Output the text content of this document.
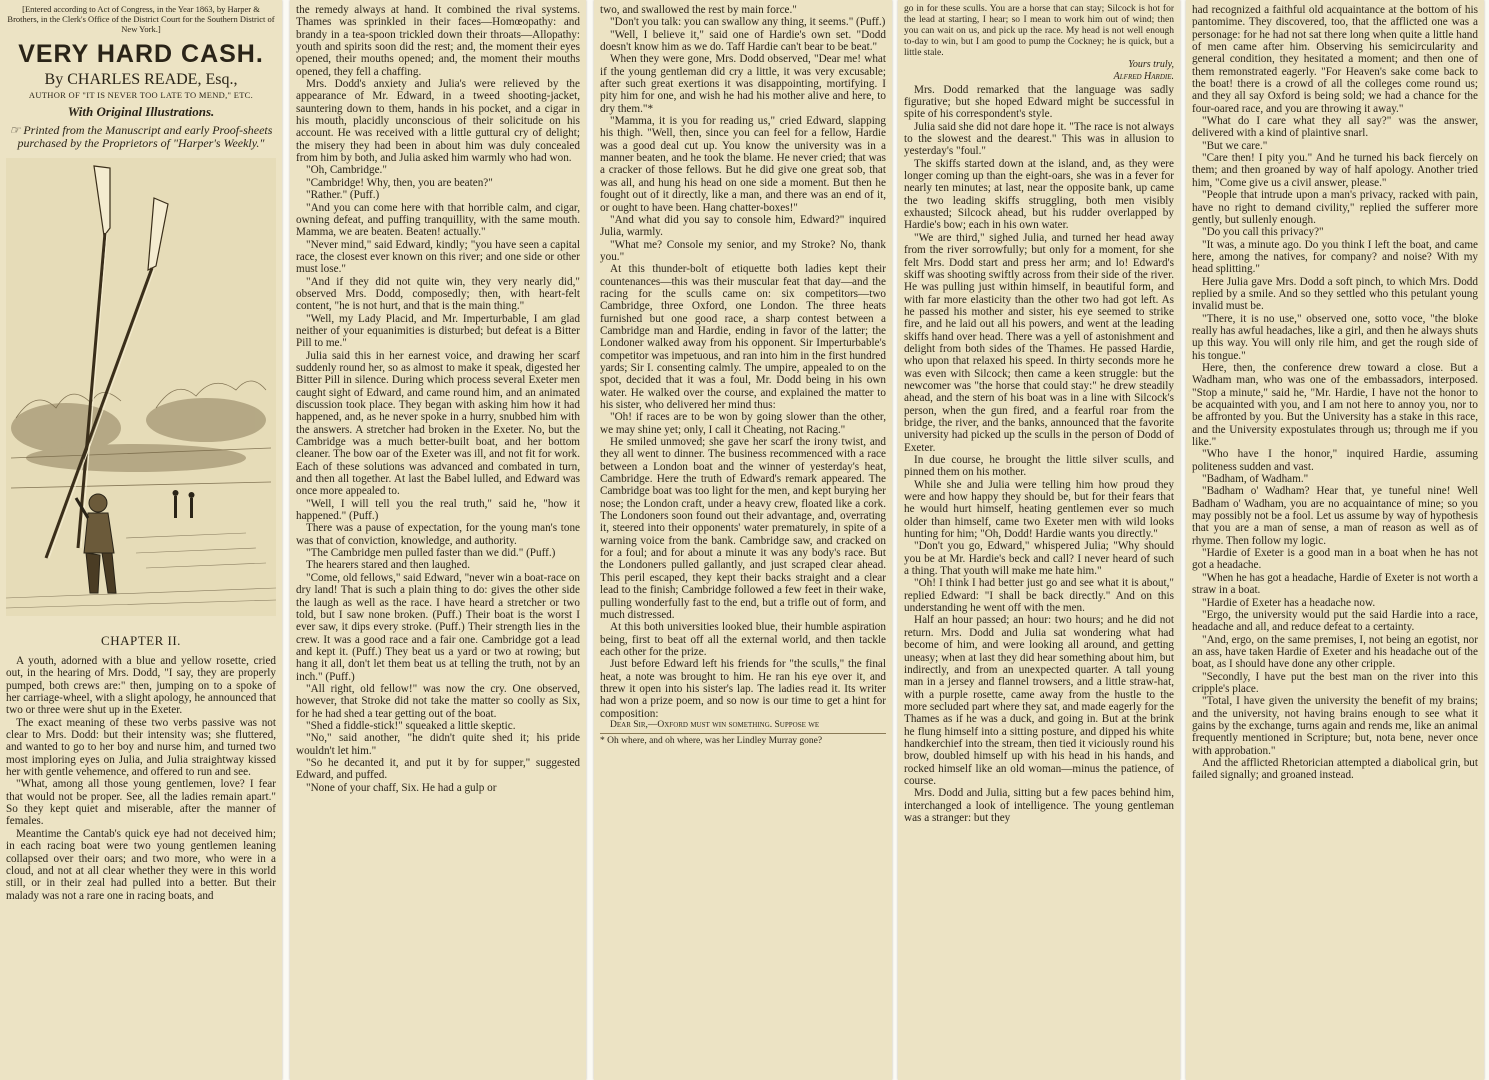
[Entered according to Act of Congress, in the Year 1863, by Harper & Brothers, in the Clerk's Office of the District Court for the Southern District of New York.]

VERY HARD CASH.
By CHARLES READE, Esq.,
AUTHOR OF "IT IS NEVER TOO LATE TO MEND," ETC.
With Original Illustrations.

☞ Printed from the Manuscript and early Proof-sheets purchased by the Proprietors of "Harper's Weekly."

CHAPTER II.

A youth, adorned with a blue and yellow rosette, cried out, in the hearing of Mrs. Dodd, "I say, they are properly pumped, both crews are:" then, jumping on to a spoke of her carriage-wheel, with a slight apology, he announced that two or three were shut up in the Exeter.

The exact meaning of these two verbs passive was not clear to Mrs. Dodd: but their intensity was; she fluttered, and wanted to go to her boy and nurse him, and turned two most imploring eyes on Julia, and Julia straightway kissed her with gentle vehemence, and offered to run and see.

"What, among all those young gentlemen, love? I fear that would not be proper. See, all the ladies remain apart." So they kept quiet and miserable, after the manner of females.

Meantime the Cantab's quick eye had not deceived him; in each racing boat were two young gentlemen leaning collapsed over their oars; and two more, who were in a cloud, and not at all clear whether they were in this world still, or in their zeal had pulled into a better. But their malady was not a rare one in racing boats, and

the remedy always at hand. It combined the rival systems. Thames was sprinkled in their faces—Homœopathy: and brandy in a tea-spoon trickled down their throats—Allopathy: youth and spirits soon did the rest; and, the moment their eyes opened, their mouths opened; and, the moment their mouths opened, they fell a chaffing.

Mrs. Dodd's anxiety and Julia's were relieved by the appearance of Mr. Edward, in a tweed shooting-jacket, sauntering down to them, hands in his pocket, and a cigar in his mouth, placidly unconscious of their solicitude on his account. He was received with a little guttural cry of delight; the misery they had been in about him was duly concealed from him by both, and Julia asked him warmly who had won.

"Oh, Cambridge."

"Cambridge! Why, then, you are beaten?"

"Rather." (Puff.)

"And you can come here with that horrible calm, and cigar, owning defeat, and puffing tranquillity, with the same mouth. Mamma, we are beaten. Beaten! actually."

"Never mind," said Edward, kindly; "you have seen a capital race, the closest ever known on this river; and one side or other must lose."

"And if they did not quite win, they very nearly did," observed Mrs. Dodd, composedly; then, with heart-felt content, "he is not hurt, and that is the main thing."

"Well, my Lady Placid, and Mr. Imperturbable, I am glad neither of your equanimities is disturbed; but defeat is a Bitter Pill to me."

Julia said this in her earnest voice, and drawing her scarf suddenly round her, so as almost to make it speak, digested her Bitter Pill in silence. During which process several Exeter men caught sight of Edward, and came round him, and an animated discussion took place. They began with asking him how it had happened, and, as he never spoke in a hurry, snubbed him with the answers. A stretcher had broken in the Exeter. No, but the Cambridge was a much better-built boat, and her bottom cleaner. The bow oar of the Exeter was ill, and not fit for work. Each of these solutions was advanced and combated in turn, and then all together. At last the Babel lulled, and Edward was once more appealed to.

"Well, I will tell you the real truth," said he, "how it happened." (Puff.)

There was a pause of expectation, for the young man's tone was that of conviction, knowledge, and authority.

"The Cambridge men pulled faster than we did." (Puff.)

The hearers stared and then laughed.

"Come, old fellows," said Edward, "never win a boat-race on dry land! That is such a plain thing to do: gives the other side the laugh as well as the race. I have heard a stretcher or two told, but I saw none broken. (Puff.) Their boat is the worst I ever saw, it dips every stroke. (Puff.) Their strength lies in the crew. It was a good race and a fair one. Cambridge got a lead and kept it. (Puff.) They beat us a yard or two at rowing; but hang it all, don't let them beat us at telling the truth, not by an inch." (Puff.)

"All right, old fellow!" was now the cry. One observed, however, that Stroke did not take the matter so coolly as Six, for he had shed a tear getting out of the boat.

"Shed a fiddle-stick!" squeaked a little skeptic.

"No," said another, "he didn't quite shed it; his pride wouldn't let him."

"So he decanted it, and put it by for supper," suggested Edward, and puffed.

"None of your chaff, Six. He had a gulp or

two, and swallowed the rest by main force."

"Don't you talk: you can swallow any thing, it seems." (Puff.)

"Well, I believe it," said one of Hardie's own set. "Dodd doesn't know him as we do. Taff Hardie can't bear to be beat."

When they were gone, Mrs. Dodd observed, "Dear me! what if the young gentleman did cry a little, it was very excusable; after such great exertions it was disappointing, mortifying. I pity him for one, and wish he had his mother alive and here, to dry them."*

"Mamma, it is you for reading us," cried Edward, slapping his thigh. "Well, then, since you can feel for a fellow, Hardie was a good deal cut up. You know the university was in a manner beaten, and he took the blame. He never cried; that was a cracker of those fellows. But he did give one great sob, that was all, and hung his head on one side a moment. But then he fought out of it directly, like a man, and there was an end of it, or ought to have been. Hang chatter-boxes!"

"And what did you say to console him, Edward?" inquired Julia, warmly.

"What me? Console my senior, and my Stroke? No, thank you."

At this thunder-bolt of etiquette both ladies kept their countenances—this was their muscular feat that day—and the racing for the sculls came on: six competitors—two Cambridge, three Oxford, one London. The three heats furnished but one good race, a sharp contest between a Cambridge man and Hardie, ending in favor of the latter; the Londoner walked away from his opponent. Sir Imperturbable's competitor was impetuous, and ran into him in the first hundred yards; Sir I. consenting calmly. The umpire, appealed to on the spot, decided that it was a foul, Mr. Dodd being in his own water. He walked over the course, and explained the matter to his sister, who delivered her mind thus:

"Oh! if races are to be won by going slower than the other, we may shine yet; only, I call it Cheating, not Racing."

He smiled unmoved; she gave her scarf the irony twist, and they all went to dinner. The business recommenced with a race between a London boat and the winner of yesterday's heat, Cambridge. Here the truth of Edward's remark appeared. The Cambridge boat was too light for the men, and kept burying her nose; the London craft, under a heavy crew, floated like a cork. The Londoners soon found out their advantage, and, overrating it, steered into their opponents' water prematurely, in spite of a warning voice from the bank. Cambridge saw, and cracked on for a foul; and for about a minute it was any body's race. But the Londoners pulled gallantly, and just scraped clear ahead. This peril escaped, they kept their backs straight and a clear lead to the finish; Cambridge followed a few feet in their wake, pulling wonderfully fast to the end, but a trifle out of form, and much distressed.

At this both universities looked blue, their humble aspiration being, first to beat off all the external world, and then tackle each other for the prize.

Just before Edward left his friends for "the sculls," the final heat, a note was brought to him. He ran his eye over it, and threw it open into his sister's lap. The ladies read it. Its writer had won a prize poem, and so now is our time to get a hint for composition:

Dear Sir,—Oxford must win something. Suppose we

* Oh where, and oh where, was her Lindley Murray gone?

go in for these sculls. You are a horse that can stay; Silcock is hot for the lead at starting, I hear; so I mean to work him out of wind; then you can wait on us, and pick up the race. My head is not well enough to-day to win, but I am good to pump the Cockney; he is quick, but a little stale.

Yours truly,

Alfred Hardie.

Mrs. Dodd remarked that the language was sadly figurative; but she hoped Edward might be successful in spite of his correspondent's style.

Julia said she did not dare hope it. "The race is not always to the slowest and the dearest." This was in allusion to yesterday's "foul."

The skiffs started down at the island, and, as they were longer coming up than the eight-oars, she was in a fever for nearly ten minutes; at last, near the opposite bank, up came the two leading skiffs struggling, both men visibly exhausted; Silcock ahead, but his rudder overlapped by Hardie's bow; each in his own water.

"We are third," sighed Julia, and turned her head away from the river sorrowfully; but only for a moment, for she felt Mrs. Dodd start and press her arm; and lo! Edward's skiff was shooting swiftly across from their side of the river. He was pulling just within himself, in beautiful form, and with far more elasticity than the other two had got left. As he passed his mother and sister, his eye seemed to strike fire, and he laid out all his powers, and went at the leading skiffs hand over head. There was a yell of astonishment and delight from both sides of the Thames. He passed Hardie, who upon that relaxed his speed. In thirty seconds more he was even with Silcock; then came a keen struggle: but the newcomer was "the horse that could stay:" he drew steadily ahead, and the stern of his boat was in a line with Silcock's person, when the gun fired, and a fearful roar from the bridge, the river, and the banks, announced that the favorite university had picked up the sculls in the person of Dodd of Exeter.

In due course, he brought the little silver sculls, and pinned them on his mother.

While she and Julia were telling him how proud they were and how happy they should be, but for their fears that he would hurt himself, heating gentlemen ever so much older than himself, came two Exeter men with wild looks hunting for him; "Oh, Dodd! Hardie wants you directly."

"Don't you go, Edward," whispered Julia; "Why should you be at Mr. Hardie's beck and call? I never heard of such a thing. That youth will make me hate him."

"Oh! I think I had better just go and see what it is about," replied Edward: "I shall be back directly." And on this understanding he went off with the men.

Half an hour passed; an hour: two hours; and he did not return. Mrs. Dodd and Julia sat wondering what had become of him, and were looking all around, and getting uneasy; when at last they did hear something about him, but indirectly, and from an unexpected quarter. A tall young man in a jersey and flannel trowsers, and a little straw-hat, with a purple rosette, came away from the hustle to the more secluded part where they sat, and made eagerly for the Thames as if he was a duck, and going in. But at the brink he flung himself into a sitting posture, and dipped his white handkerchief into the stream, then tied it viciously round his brow, doubled himself up with his head in his hands, and rocked himself like an old woman—minus the patience, of course.

Mrs. Dodd and Julia, sitting but a few paces behind him, interchanged a look of intelligence. The young gentleman was a stranger: but they

had recognized a faithful old acquaintance at the bottom of his pantomime. They discovered, too, that the afflicted one was a personage: for he had not sat there long when quite a little hand of men came after him. Observing his semicircularity and general condition, they hesitated a moment; and then one of them remonstrated eagerly. "For Heaven's sake come back to the boat! there is a crowd of all the colleges come round us; and they all say Oxford is being sold; we had a chance for the four-oared race, and you are throwing it away."

"What do I care what they all say?" was the answer, delivered with a kind of plaintive snarl.

"But we care."

"Care then! I pity you." And he turned his back fiercely on them; and then groaned by way of half apology. Another tried him, "Come give us a civil answer, please."

"People that intrude upon a man's privacy, racked with pain, have no right to demand civility," replied the sufferer more gently, but sullenly enough.

"Do you call this privacy?"

"It was, a minute ago. Do you think I left the boat, and came here, among the natives, for company? and noise? With my head splitting."

Here Julia gave Mrs. Dodd a soft pinch, to which Mrs. Dodd replied by a smile. And so they settled who this petulant young invalid must be.

"There, it is no use," observed one, sotto voce, "the bloke really has awful headaches, like a girl, and then he always shuts up this way. You will only rile him, and get the rough side of his tongue."

Here, then, the conference drew toward a close. But a Wadham man, who was one of the embassadors, interposed. "Stop a minute," said he, "Mr. Hardie, I have not the honor to be acquainted with you, and I am not here to annoy you, nor to be affronted by you. But the University has a stake in this race, and the University expostulates through us; through me if you like."

"Who have I the honor," inquired Hardie, assuming politeness sudden and vast.

"Badham, of Wadham."

"Badham o' Wadham? Hear that, ye tuneful nine! Well Badham o' Wadham, you are no acquaintance of mine; so you may possibly not be a fool. Let us assume by way of hypothesis that you are a man of sense, a man of reason as well as of rhyme. Then follow my logic.

"Hardie of Exeter is a good man in a boat when he has not got a headache.

"When he has got a headache, Hardie of Exeter is not worth a straw in a boat.

"Hardie of Exeter has a headache now.

"Ergo, the university would put the said Hardie into a race, headache and all, and reduce defeat to a certainty.

"And, ergo, on the same premises, I, not being an egotist, nor an ass, have taken Hardie of Exeter and his headache out of the boat, as I should have done any other cripple.

"Secondly, I have put the best man on the river into this cripple's place.

"Total, I have given the university the benefit of my brains; and the university, not having brains enough to see what it gains by the exchange, turns again and rends me, like an animal frequently mentioned in Scripture; but, nota bene, never once with approbation."

And the afflicted Rhetorician attempted a diabolical grin, but failed signally; and groaned instead.
